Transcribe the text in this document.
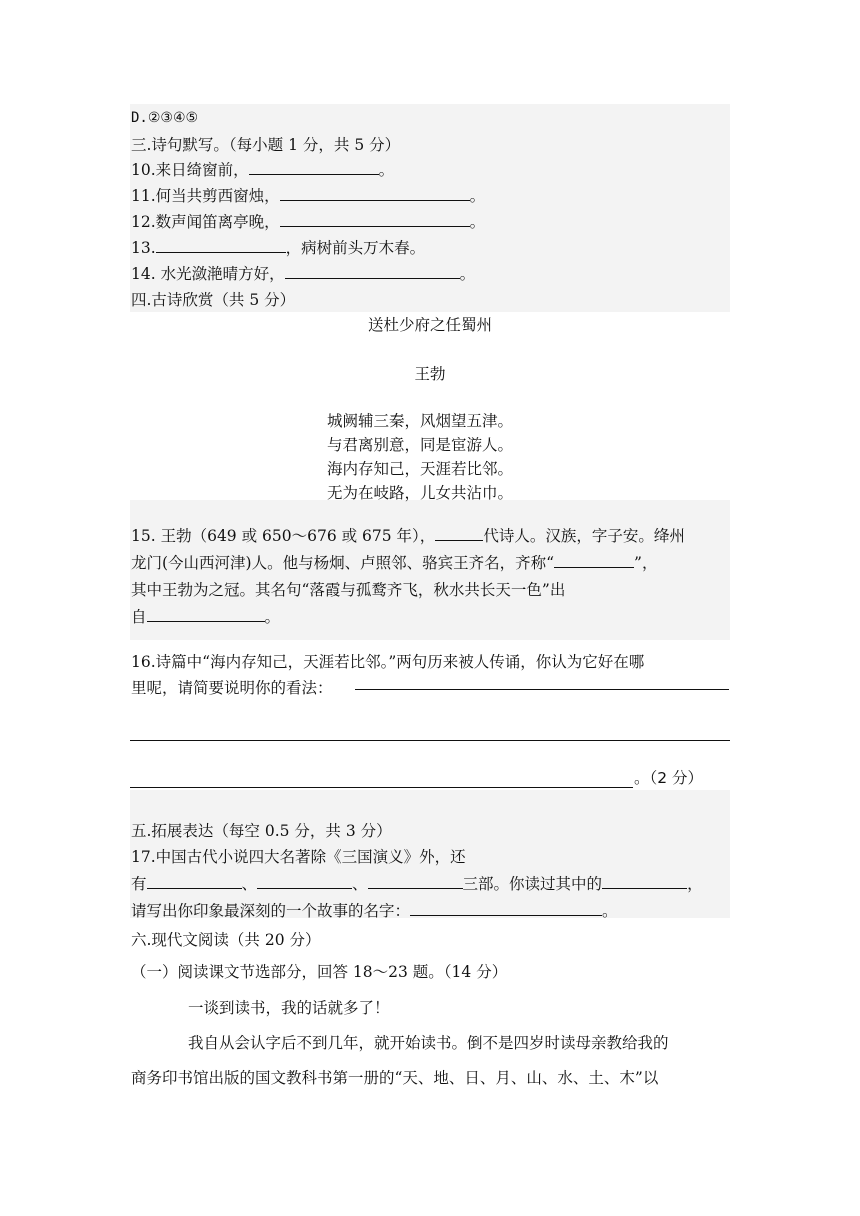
D.②③④⑤
三.诗句默写。（每小题 1 分，共 5 分）
10.来日绮窗前，	。
11.何当共剪西窗烛，	。
12.数声闻笛离亭晚，	。
13.	，病树前头万木春。
14. 水光潋滟晴方好，	。
四.古诗欣赏（共 5 分）
送杜少府之任蜀州
王勃
城阙辅三秦，风烟望五津。
与君离别意，同是宦游人。
海内存知己，天涯若比邻。
无为在岐路，儿女共沾巾。
15. 王勃（649 或 650～676 或 675 年），	代诗人。汉族，字子安。绛州
龙门(今山西河津)人。他与杨炯、卢照邻、骆宾王齐名，齐称“	”，
其中王勃为之冠。其名句“落霞与孤鹜齐飞，秋水共长天一色”出
自	。
16.诗篇中“海内存知己，天涯若比邻。”两句历来被人传诵，你认为它好在哪
里呢，请简要说明你的看法：
。（2 分）
五.拓展表达（每空 0.5 分，共 3 分）
17.中国古代小说四大名著除《三国演义》外，还
有	、	、	三部。你读过其中的	，
请写出你印象最深刻的一个故事的名字：	。
六.现代文阅读（共 20 分）
（一）阅读课文节选部分，回答 18～23 题。（14 分）
一谈到读书，我的话就多了！
我自从会认字后不到几年，就开始读书。倒不是四岁时读母亲教给我的
商务印书馆出版的国文教科书第一册的“天、地、日、月、山、水、土、木”以
